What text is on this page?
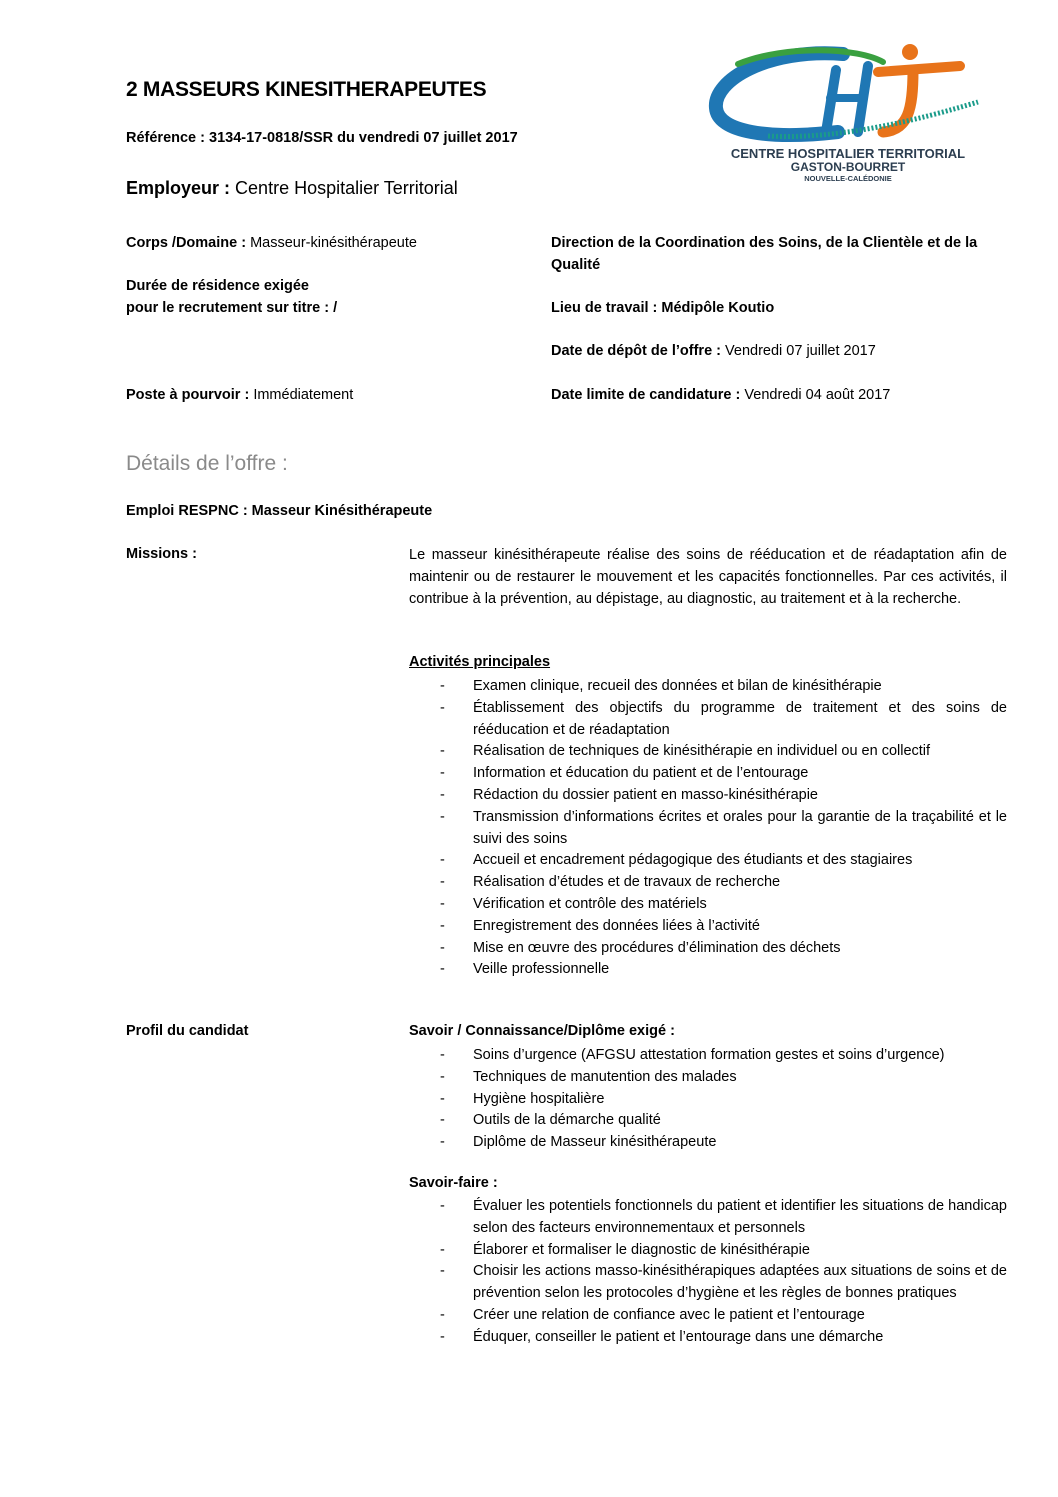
CENTRE HOSPITALIER TERRITORIAL
GASTON-BOURRET
NOUVELLE-CALÉDONIE
2 MASSEURS KINESITHERAPEUTES
Référence : 3134-17-0818/SSR du vendredi 07 juillet 2017
Employeur : Centre Hospitalier Territorial
Corps /Domaine : Masseur-kinésithérapeute
Durée de résidence exigée
pour le recrutement sur titre : /
Poste à pourvoir : Immédiatement
Direction de la Coordination des Soins, de la Clientèle et de la Qualité
Lieu de travail : Médipôle Koutio
Date de dépôt de l’offre : Vendredi 07 juillet 2017
Date limite de candidature : Vendredi 04 août 2017
Détails de l’offre :
Emploi RESPNC : Masseur Kinésithérapeute
Missions :	Le masseur kinésithérapeute réalise des soins de rééducation et de réadaptation afin de maintenir ou de restaurer le mouvement et les capacités fonctionnelles. Par ces activités, il contribue à la prévention, au dépistage, au diagnostic, au traitement et à la recherche.
Activités principales
- Examen clinique, recueil des données et bilan de kinésithérapie
- Établissement des objectifs du programme de traitement et des soins de rééducation et de réadaptation
- Réalisation de techniques de kinésithérapie en individuel ou en collectif
- Information et éducation du patient et de l’entourage
- Rédaction du dossier patient en masso-kinésithérapie
- Transmission d’informations écrites et orales pour la garantie de la traçabilité et le suivi des soins
- Accueil et encadrement pédagogique des étudiants et des stagiaires
- Réalisation d’études et de travaux de recherche
- Vérification et contrôle des matériels
- Enregistrement des données liées à l’activité
- Mise en œuvre des procédures d’élimination des déchets
- Veille professionnelle
Profil du candidat	Savoir / Connaissance/Diplôme exigé :
- Soins d’urgence (AFGSU attestation formation gestes et soins d’urgence)
- Techniques de manutention des malades
- Hygiène hospitalière
- Outils de la démarche qualité
- Diplôme de Masseur kinésithérapeute
Savoir-faire :
- Évaluer les potentiels fonctionnels du patient et identifier les situations de handicap selon des facteurs environnementaux et personnels
- Élaborer et formaliser le diagnostic de kinésithérapie
- Choisir les actions masso-kinésithérapiques adaptées aux situations de soins et de prévention selon les protocoles d’hygiène et les règles de bonnes pratiques
- Créer une relation de confiance avec le patient et l’entourage
- Éduquer, conseiller le patient et l’entourage dans une démarche
